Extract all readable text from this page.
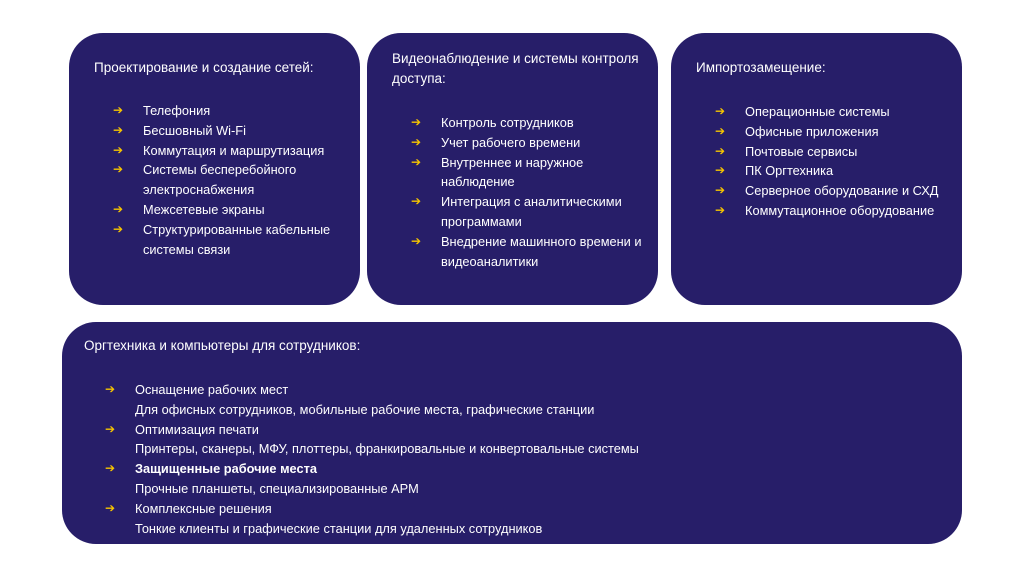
Проектирование и создание сетей:

➔ Телефония
➔ Бесшовный Wi-Fi
➔ Коммутация и маршрутизация
➔ Системы бесперебойного электроснабжения
➔ Межсетевые экраны
➔ Структурированные кабельные системы связи

Видеонаблюдение и системы контроля доступа:

➔ Контроль сотрудников
➔ Учет рабочего времени
➔ Внутреннее и наружное наблюдение
➔ Интеграция с аналитическими программами
➔ Внедрение машинного времени и видеоаналитики

Импортозамещение:

➔ Операционные системы
➔ Офисные приложения
➔ Почтовые сервисы
➔ ПК Оргтехника
➔ Серверное оборудование и СХД
➔ Коммутационное оборудование

Оргтехника и компьютеры для сотрудников:

➔ Оснащение рабочих мест
Для офисных сотрудников, мобильные рабочие места, графические станции
➔ Оптимизация печати
Принтеры, сканеры, МФУ, плоттеры, франкировальные и конвертовальные системы
➔ Защищенные рабочие места
Прочные планшеты, специализированные АРМ
➔ Комплексные решения
Тонкие клиенты и графические станции для удаленных сотрудников
